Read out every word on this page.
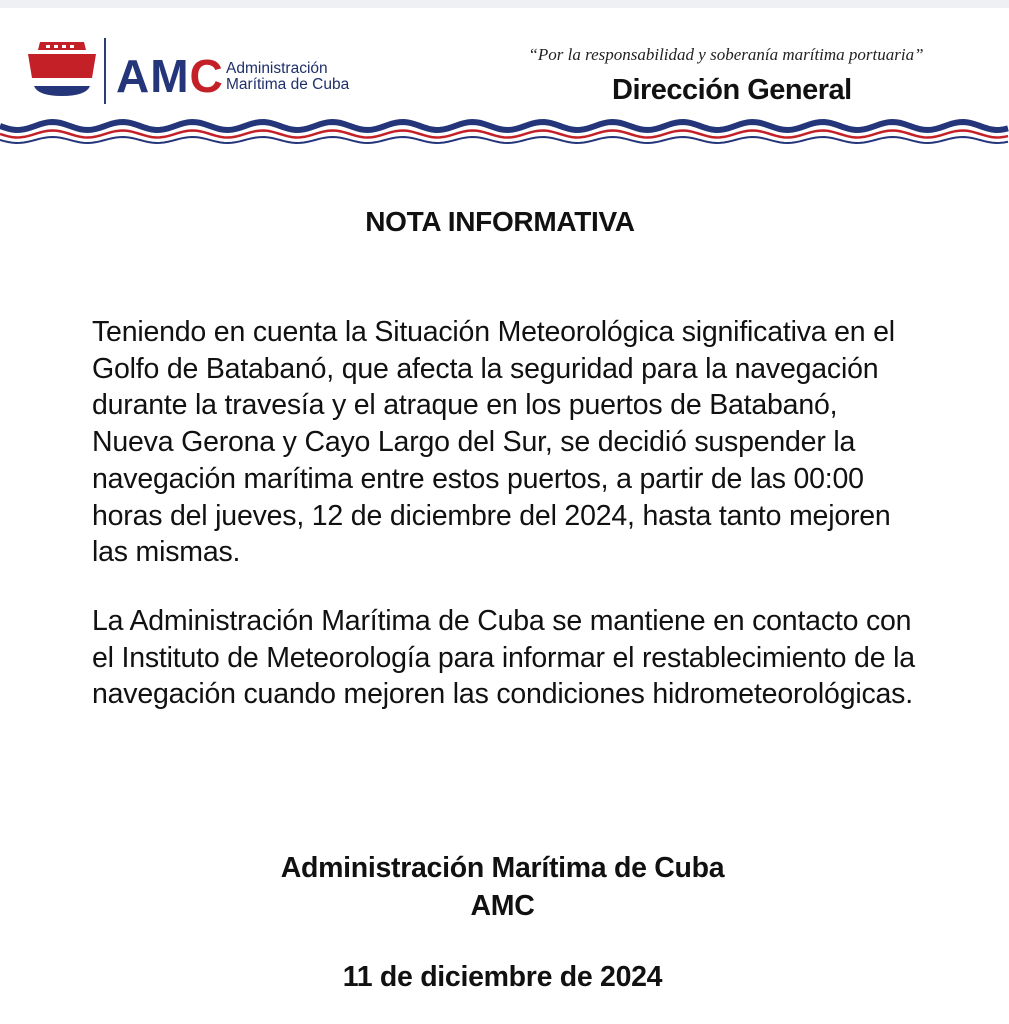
AMC Administración
Marítima de Cuba
“Por la responsabilidad y soberanía marítima portuaria”
Dirección General
NOTA INFORMATIVA

Teniendo en cuenta la Situación Meteorológica significativa en el Golfo de Batabanó, que afecta la seguridad para la navegación durante la travesía y el atraque en los puertos de Batabanó, Nueva Gerona y Cayo Largo del Sur, se decidió suspender la navegación marítima entre estos puertos, a partir de las 00:00 horas del jueves, 12 de diciembre del 2024, hasta tanto mejoren las mismas.

La Administración Marítima de Cuba se mantiene en contacto con el Instituto de Meteorología para informar el restablecimiento de la navegación cuando mejoren las condiciones hidrometeorológicas.

Administración Marítima de Cuba
AMC
11 de diciembre de 2024
